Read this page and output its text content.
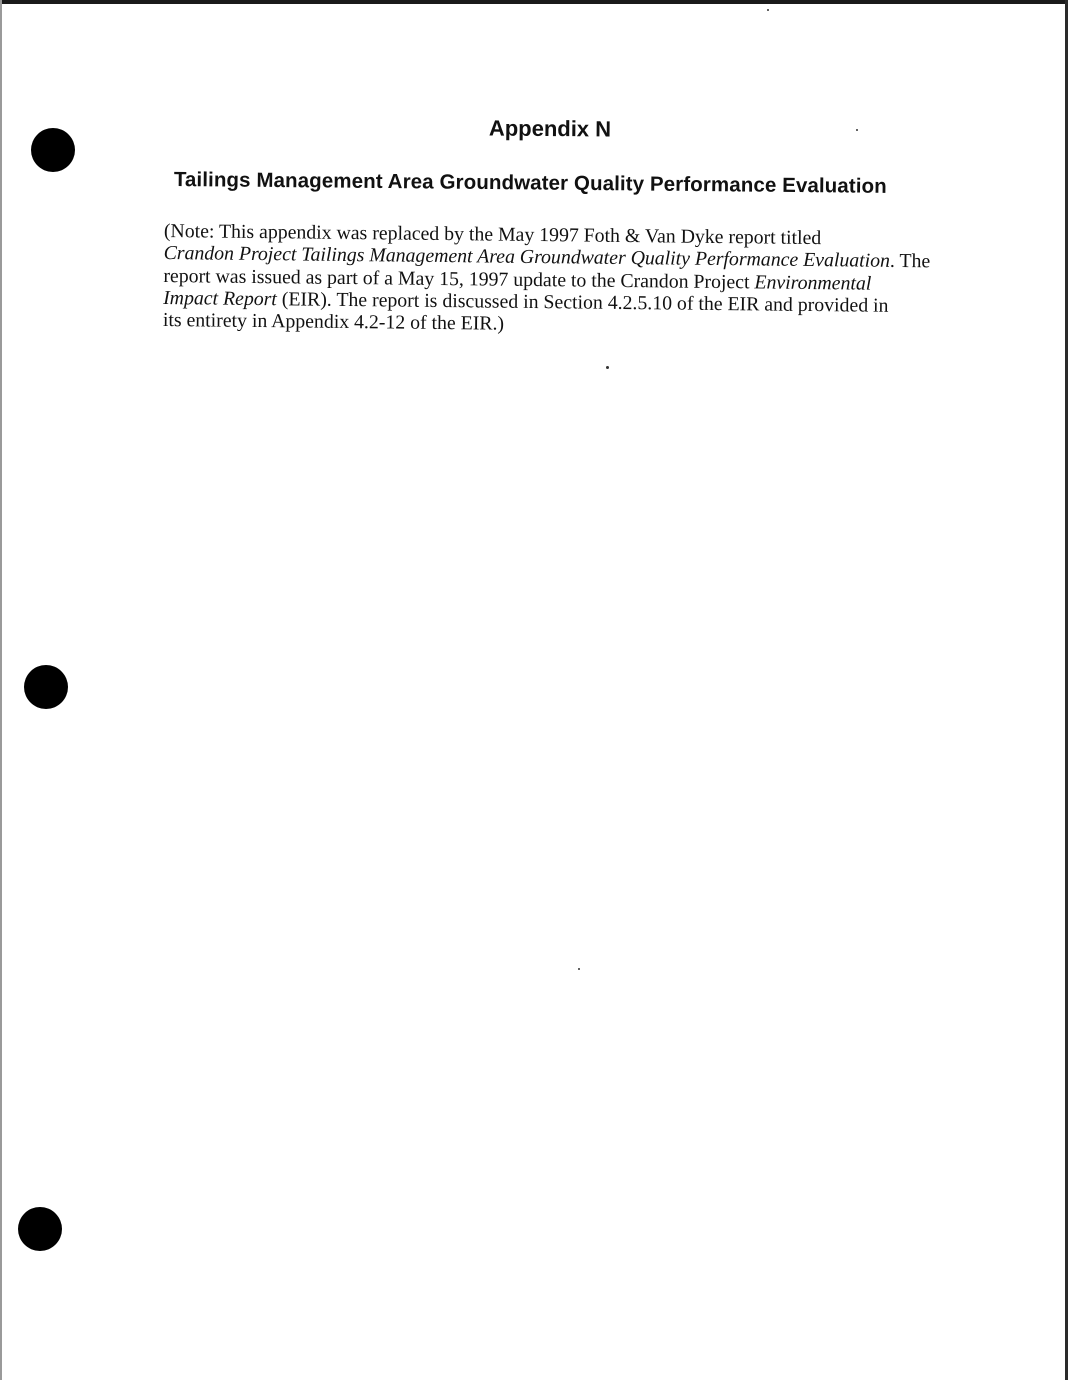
Appendix N
Tailings Management Area Groundwater Quality Performance Evaluation
(Note: This appendix was replaced by the May 1997 Foth & Van Dyke report titled
Crandon Project Tailings Management Area Groundwater Quality Performance Evaluation. The
report was issued as part of a May 15, 1997 update to the Crandon Project Environmental
Impact Report (EIR). The report is discussed in Section 4.2.5.10 of the EIR and provided in
its entirety in Appendix 4.2-12 of the EIR.)
